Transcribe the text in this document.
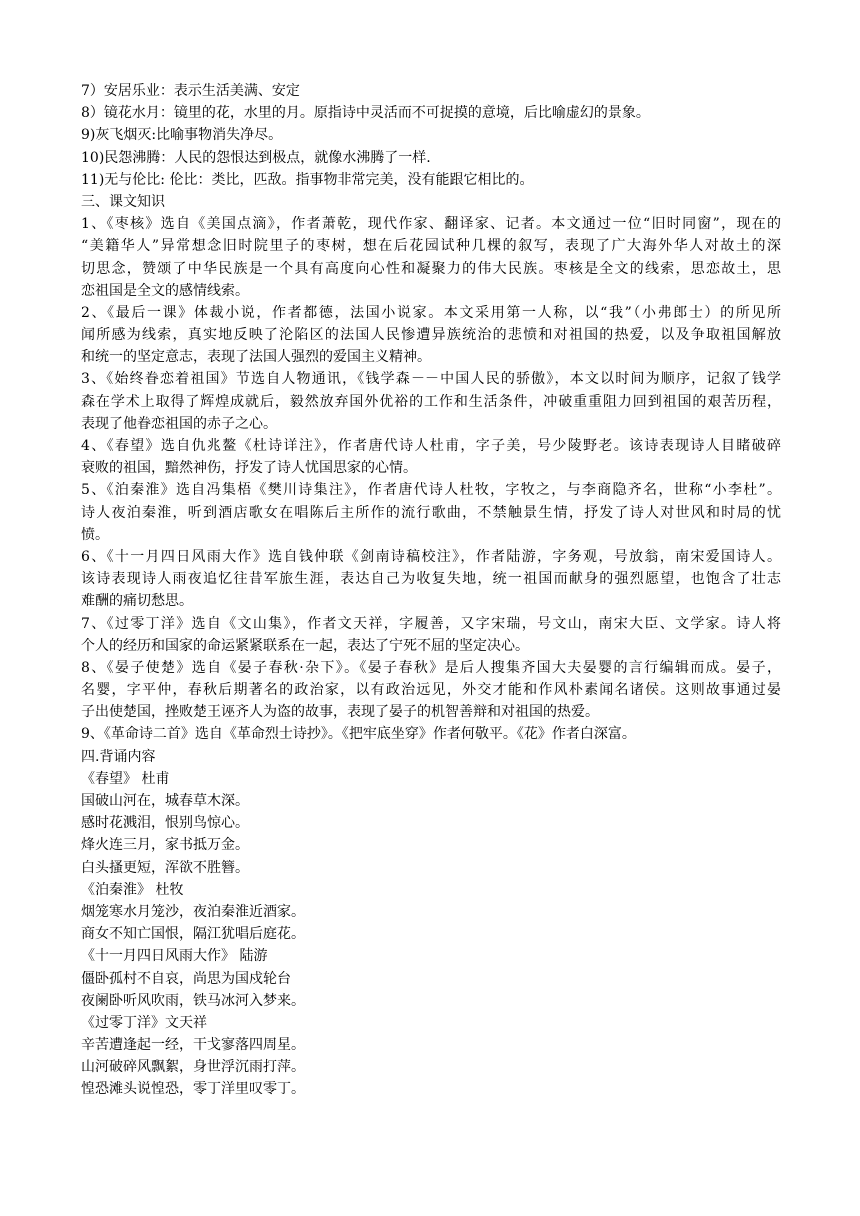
7）安居乐业：表示生活美满、安定
8）镜花水月：镜里的花，水里的月。原指诗中灵活而不可捉摸的意境，后比喻虚幻的景象。
9)灰飞烟灭:比喻事物消失净尽。
10)民怨沸腾：人民的怨恨达到极点，就像水沸腾了一样.
11)无与伦比: 伦比：类比，匹敌。指事物非常完美，没有能跟它相比的。
三、课文知识
1、《枣核》选自《美国点滴》，作者萧乾，现代作家、翻译家、记者。本文通过一位“旧时同窗”，现在的
“美籍华人”异常想念旧时院里子的枣树，想在后花园试种几棵的叙写，表现了广大海外华人对故土的深
切思念，赞颂了中华民族是一个具有高度向心性和凝聚力的伟大民族。枣核是全文的线索，思恋故土，思
恋祖国是全文的感情线索。
2、《最后一课》体裁小说，作者都德，法国小说家。本文采用第一人称，以“我”（小弗郎士）的所见所
闻所感为线索，真实地反映了沦陷区的法国人民惨遭异族统治的悲愤和对祖国的热爱，以及争取祖国解放
和统一的坚定意志，表现了法国人强烈的爱国主义精神。
3、《始终眷恋着祖国》节选自人物通讯，《钱学森－－中国人民的骄傲》，本文以时间为顺序，记叙了钱学
森在学术上取得了辉煌成就后，毅然放弃国外优裕的工作和生活条件，冲破重重阻力回到祖国的艰苦历程，
表现了他眷恋祖国的赤子之心。
4、《春望》选自仇兆鳌《杜诗详注》，作者唐代诗人杜甫，字子美，号少陵野老。该诗表现诗人目睹破碎
衰败的祖国，黯然神伤，抒发了诗人忧国思家的心情。
5、《泊秦淮》选自冯集梧《樊川诗集注》，作者唐代诗人杜牧，字牧之，与李商隐齐名，世称“小李杜”。
诗人夜泊秦淮，听到酒店歌女在唱陈后主所作的流行歌曲，不禁触景生情，抒发了诗人对世风和时局的忧
愤。
6、《十一月四日风雨大作》选自钱仲联《剑南诗稿校注》，作者陆游，字务观，号放翁，南宋爱国诗人。
该诗表现诗人雨夜追忆往昔军旅生涯，表达自己为收复失地，统一祖国而献身的强烈愿望，也饱含了壮志
难酬的痛切愁思。
7、《过零丁洋》选自《文山集》，作者文天祥，字履善，又字宋瑞，号文山，南宋大臣、文学家。诗人将
个人的经历和国家的命运紧紧联系在一起，表达了宁死不屈的坚定决心。
8、《晏子使楚》选自《晏子春秋·杂下》。《晏子春秋》是后人搜集齐国大夫晏婴的言行编辑而成。晏子，
名婴，字平仲，春秋后期著名的政治家，以有政治远见，外交才能和作风朴素闻名诸侯。这则故事通过晏
子出使楚国，挫败楚王诬齐人为盗的故事，表现了晏子的机智善辩和对祖国的热爱。
9、《革命诗二首》选自《革命烈士诗抄》。《把牢底坐穿》作者何敬平。《花》作者白深富。
四.背诵内容
《春望》 杜甫
国破山河在，城春草木深。
感时花溅泪，恨别鸟惊心。
烽火连三月，家书抵万金。
白头搔更短，浑欲不胜簪。
《泊秦淮》 杜牧
烟笼寒水月笼沙，夜泊秦淮近酒家。
商女不知亡国恨，隔江犹唱后庭花。
《十一月四日风雨大作》 陆游
僵卧孤村不自哀，尚思为国戍轮台
夜阑卧听风吹雨，铁马冰河入梦来。
《过零丁洋》文天祥
辛苦遭逢起一经，干戈寥落四周星。
山河破碎风飘絮，身世浮沉雨打萍。
惶恐滩头说惶恐，零丁洋里叹零丁。
